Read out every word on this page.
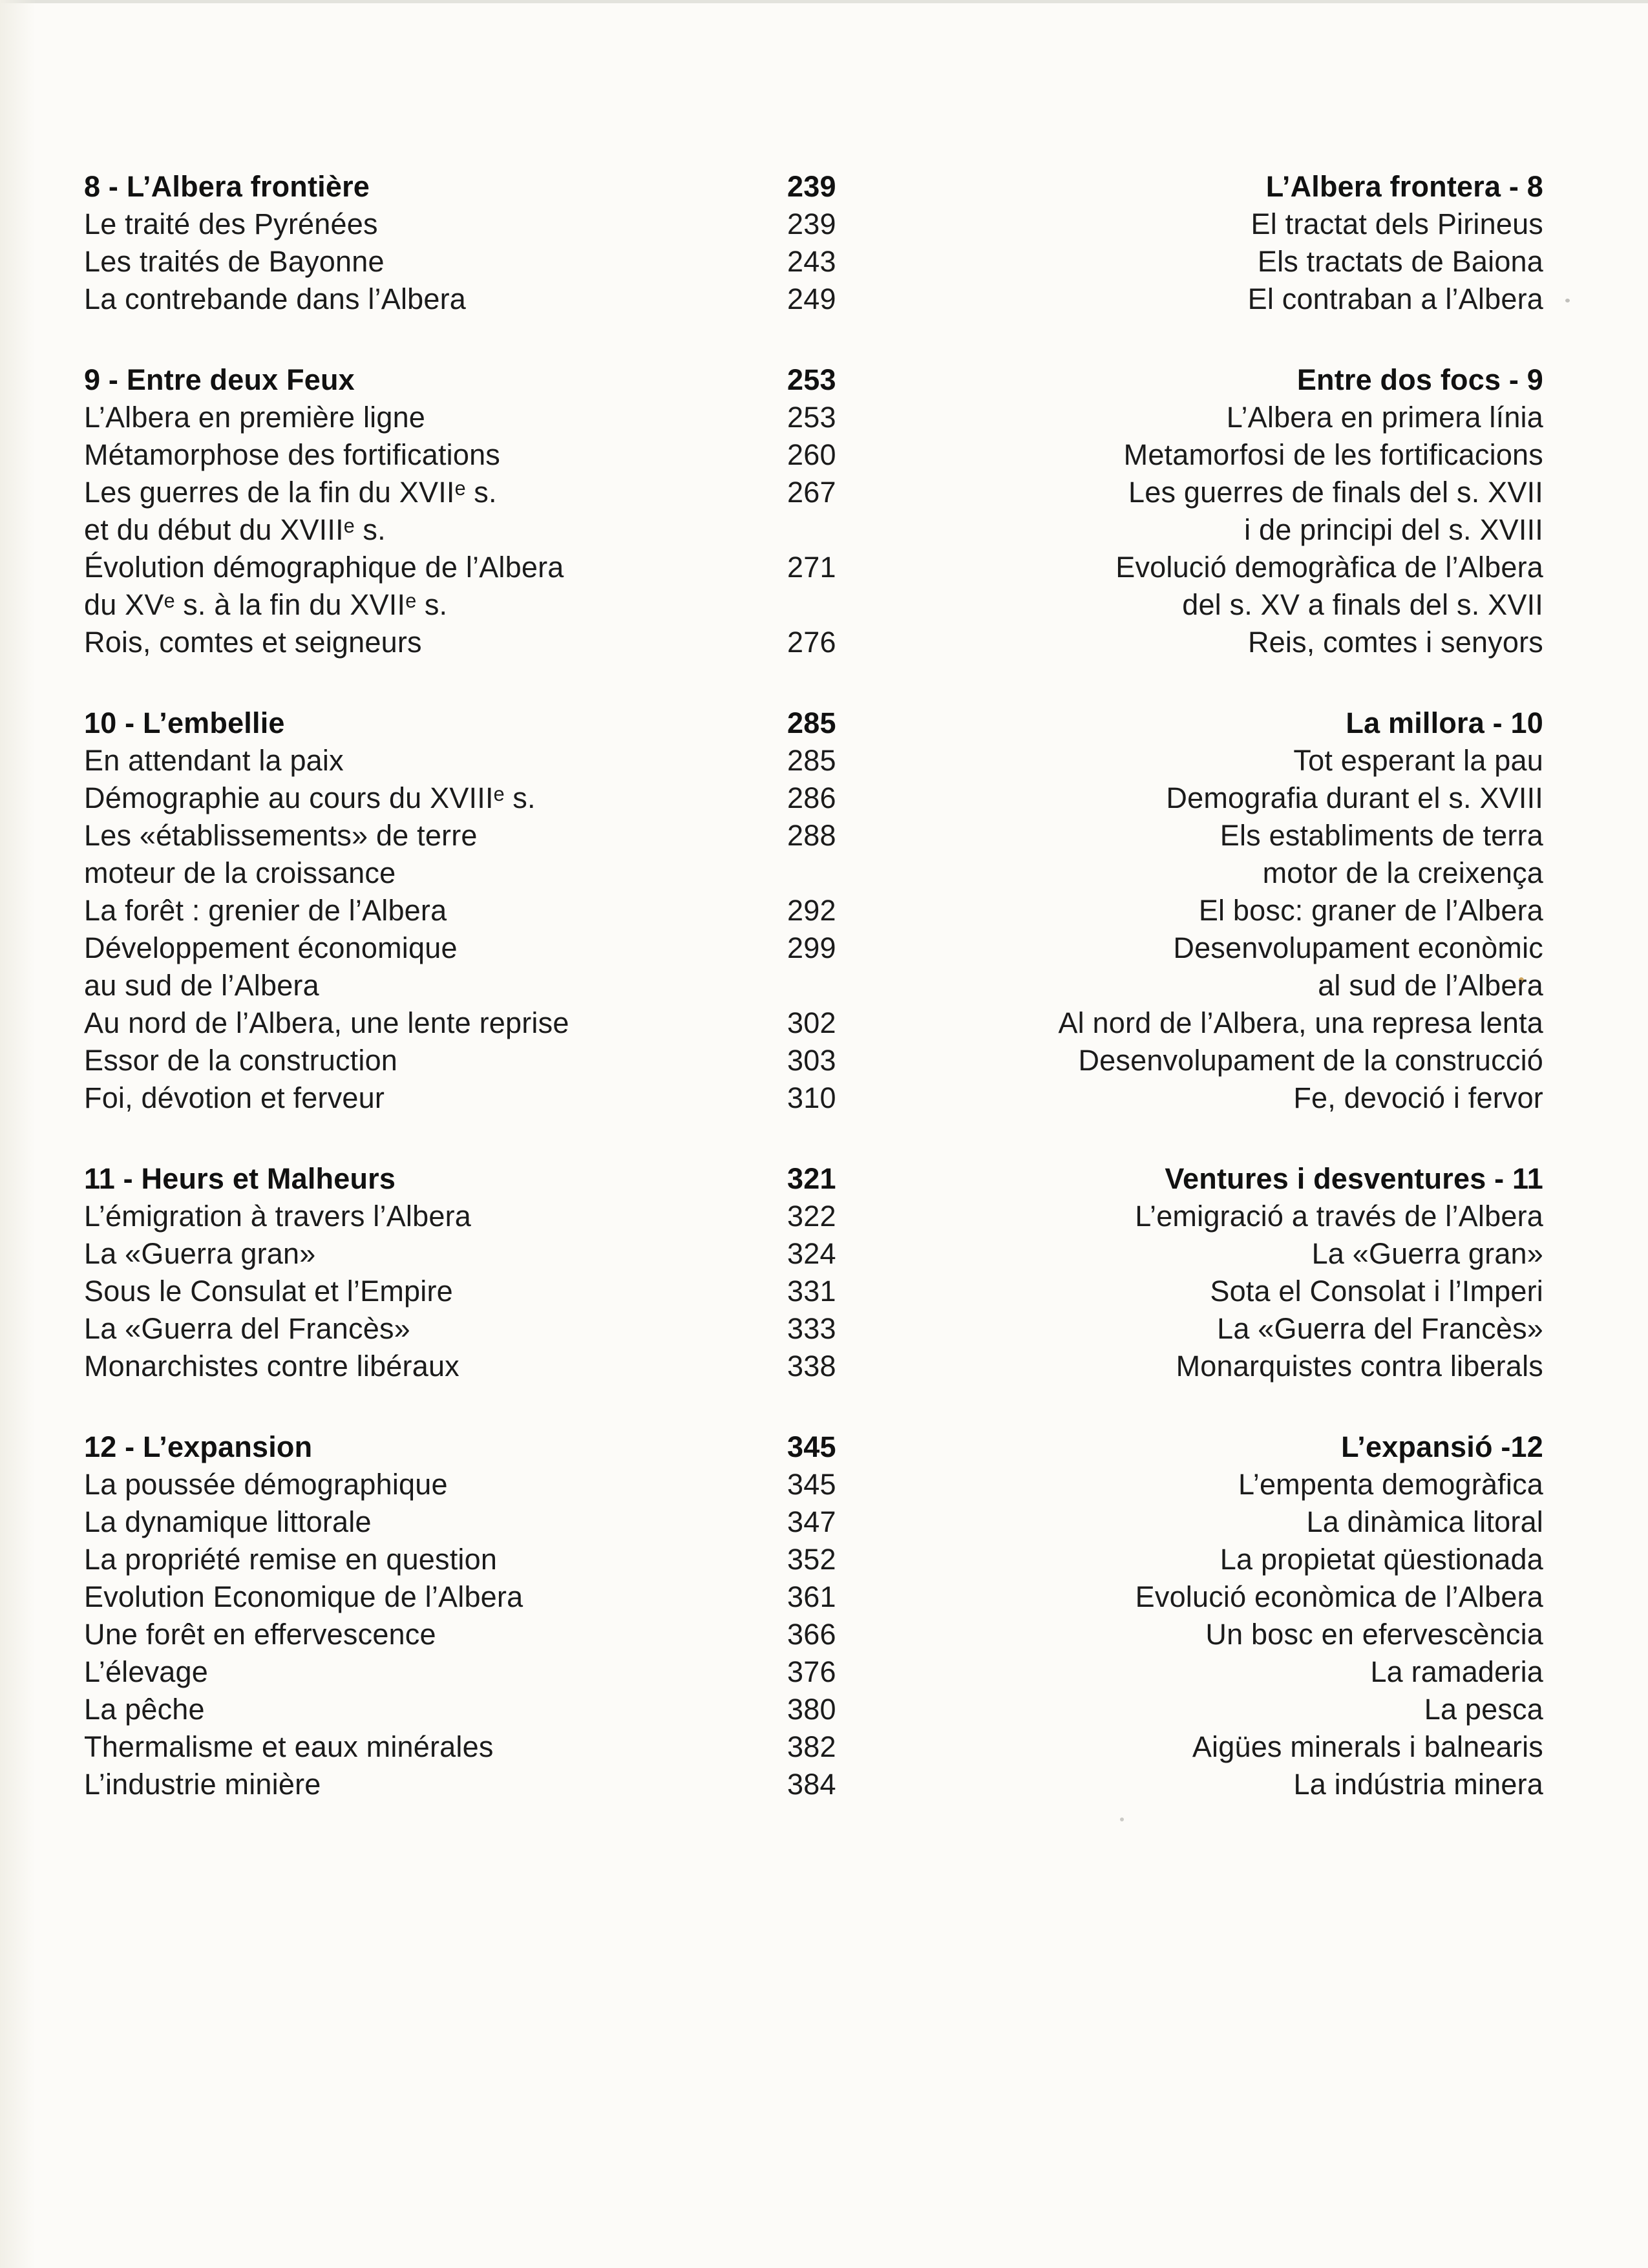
8 - L’Albera frontière	239	L’Albera frontera - 8
Le traité des Pyrénées	239	El tractat dels Pirineus
Les traités de Bayonne	243	Els tractats de Baiona
La contrebande dans l’Albera	249	El contraban a l’Albera
9 - Entre deux Feux	253	Entre dos focs - 9
L’Albera en première ligne	253	L’Albera en primera línia
Métamorphose des fortifications	260	Metamorfosi de les fortificacions
Les guerres de la fin du XVIIᵉ s.	267	Les guerres de finals del s. XVII
et du début du XVIIIᵉ s.	i de principi del s. XVIII
Évolution démographique de l’Albera	271	Evolució demogràfica de l’Albera
du XVᵉ s. à la fin du XVIIᵉ s.	del s. XV a finals del s. XVII
Rois, comtes et seigneurs	276	Reis, comtes i senyors
10 - L’embellie	285	La millora - 10
En attendant la paix	285	Tot esperant la pau
Démographie au cours du XVIIIᵉ s.	286	Demografia durant el s. XVIII
Les «établissements» de terre	288	Els establiments de terra
moteur de la croissance	motor de la creixença
La forêt : grenier de l’Albera	292	El bosc: graner de l’Albera
Développement économique	299	Desenvolupament econòmic
au sud de l’Albera	al sud de l’Albera
Au nord de l’Albera, une lente reprise	302	Al nord de l’Albera, una represa lenta
Essor de la construction	303	Desenvolupament de la construcció
Foi, dévotion et ferveur	310	Fe, devoció i fervor
11 - Heurs et Malheurs	321	Ventures i desventures - 11
L’émigration à travers l’Albera	322	L’emigració a través de l’Albera
La «Guerra gran»	324	La «Guerra gran»
Sous le Consulat et l’Empire	331	Sota el Consolat i l’Imperi
La «Guerra del Francès»	333	La «Guerra del Francès»
Monarchistes contre libéraux	338	Monarquistes contra liberals
12 - L’expansion	345	L’expansió -12
La poussée démographique	345	L’empenta demogràfica
La dynamique littorale	347	La dinàmica litoral
La propriété remise en question	352	La propietat qüestionada
Evolution Economique de l’Albera	361	Evolució econòmica de l’Albera
Une forêt en effervescence	366	Un bosc en efervescència
L’élevage	376	La ramaderia
La pêche	380	La pesca
Thermalisme et eaux minérales	382	Aigües minerals i balnearis
L’industrie minière	384	La indústria minera
